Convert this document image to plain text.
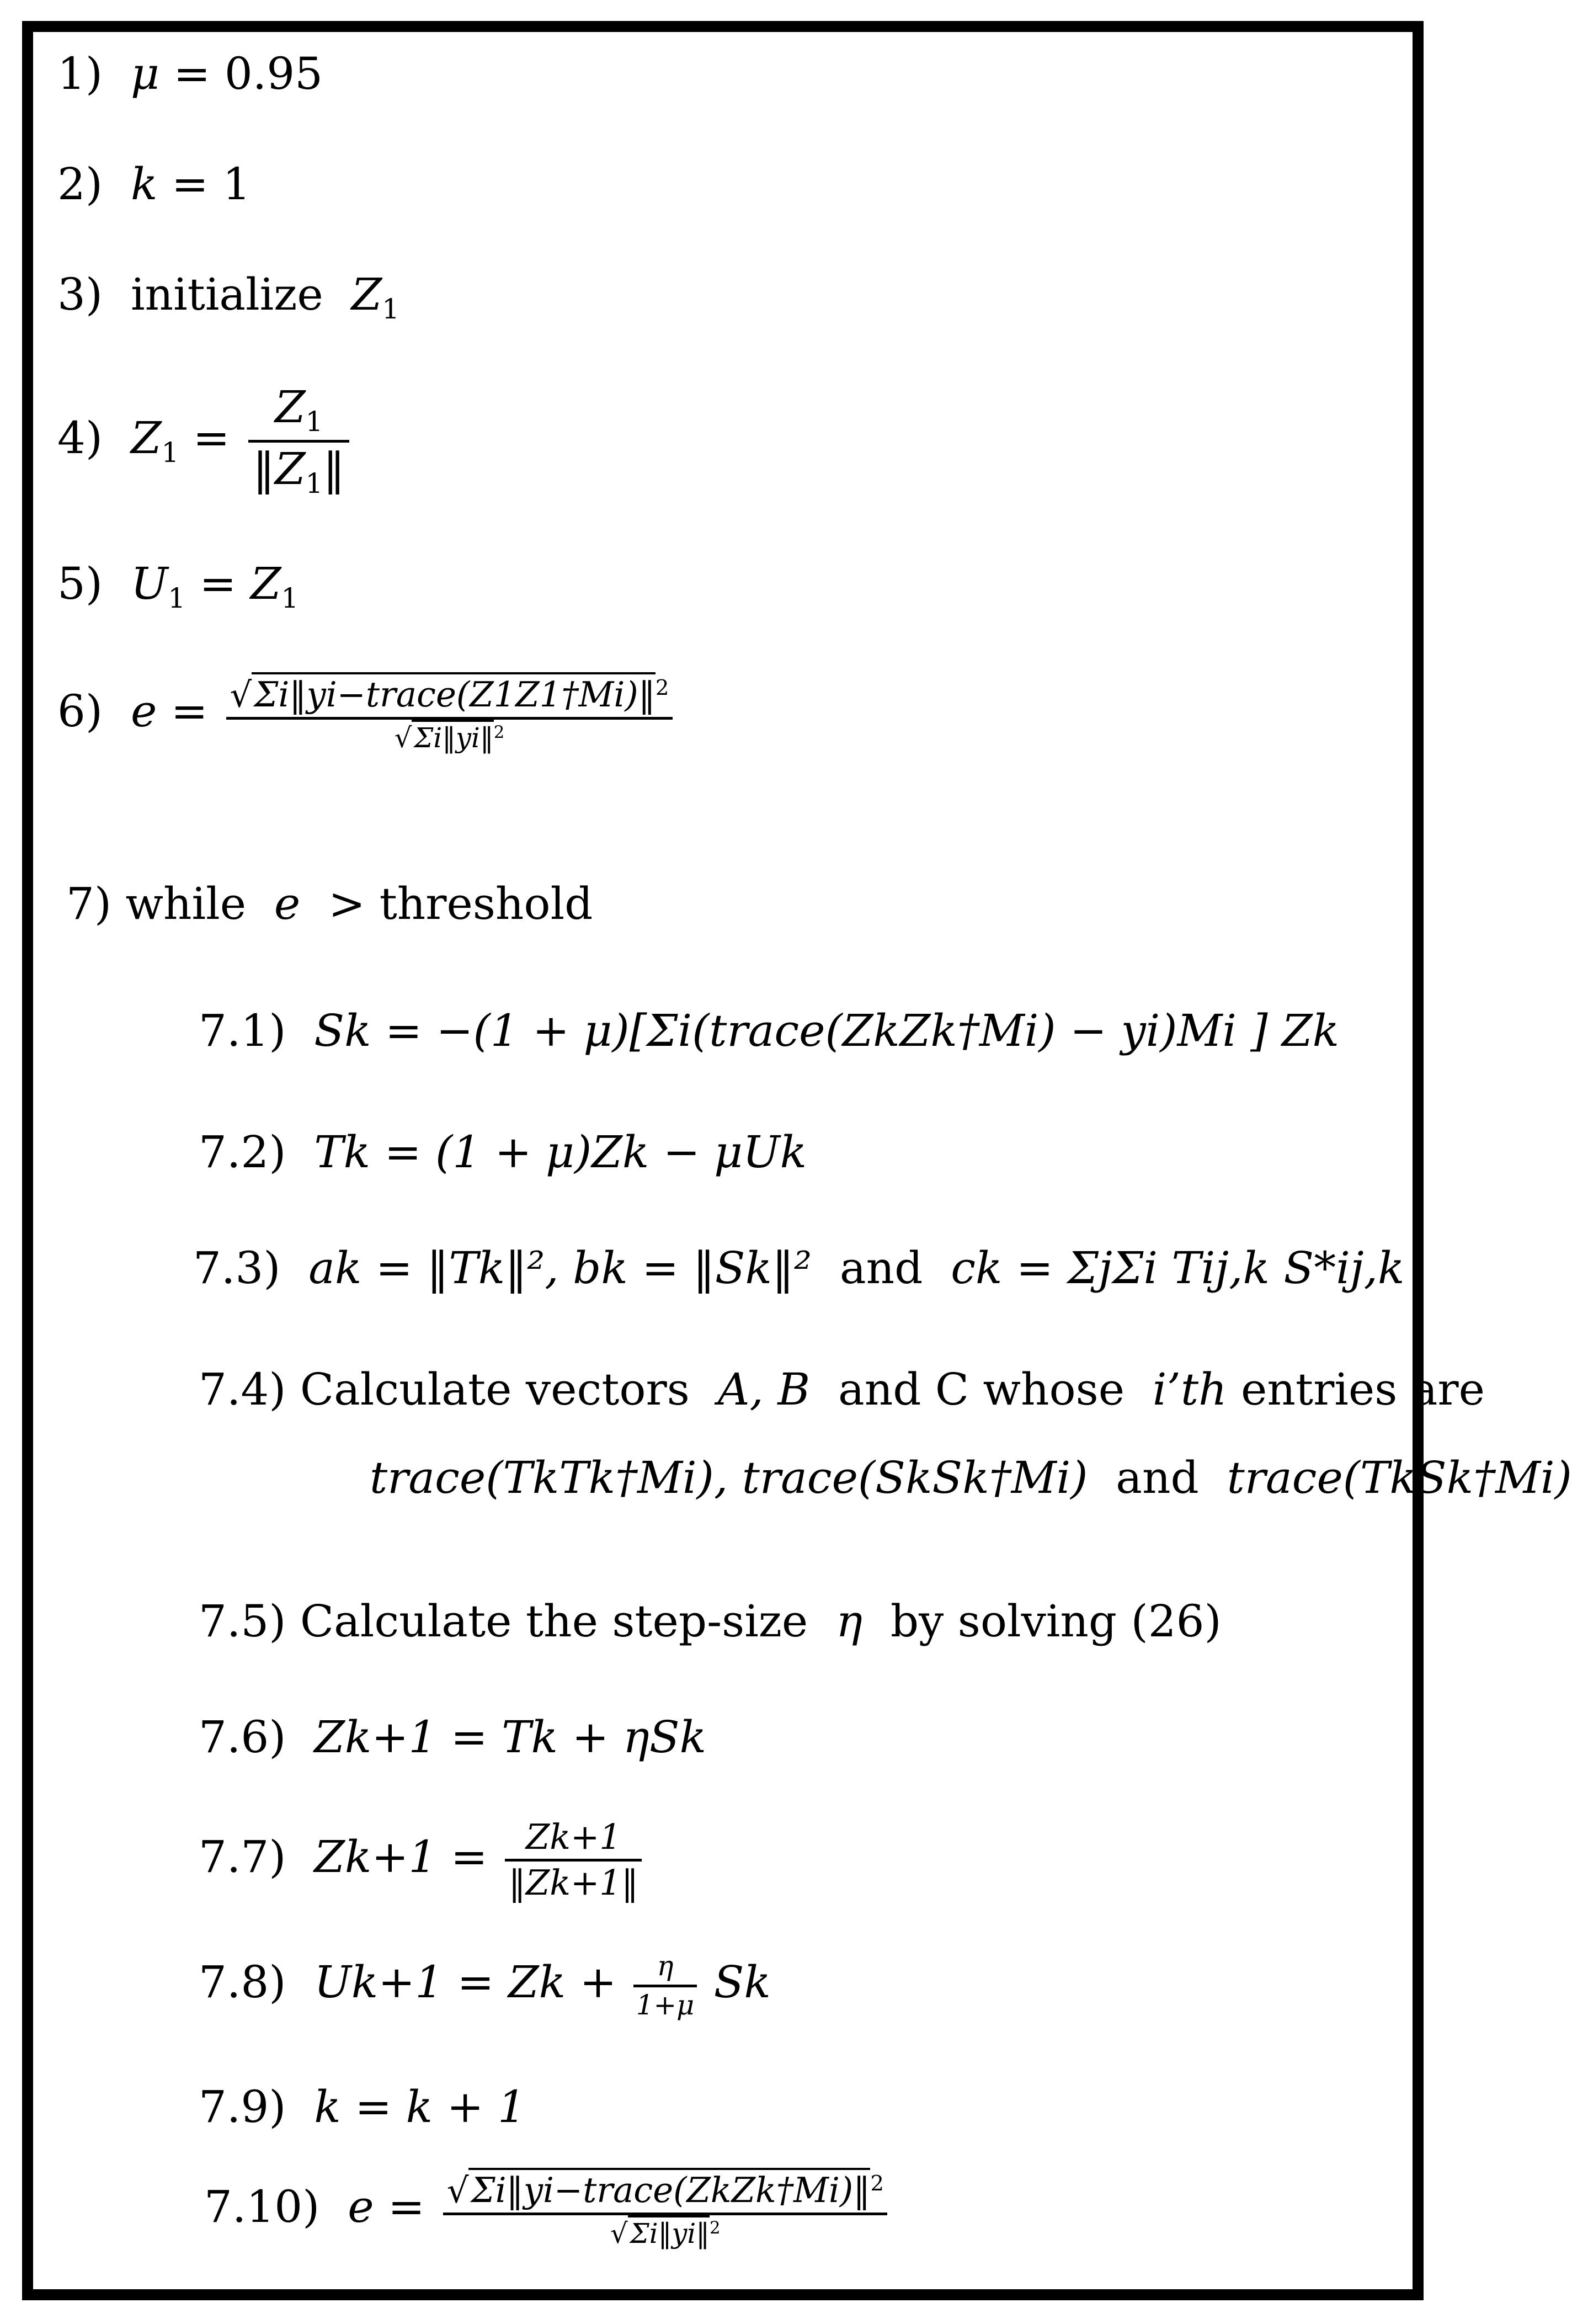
1) μ = 0.95
2) k = 1
3) initialize $Z_1$
4) $Z_1 = \frac{Z_1}{‖Z_1‖}$
5) $U_1 = Z_1$
6) $e = \frac{√\Sigma i‖yi-trace(Z1Z1\dagger Mi)‖^2}{√\Sigma i‖yi‖^2}$
7) while e > threshold
7.1) Sk = −(1 + μ)[Σi(trace(ZkZk†Mi) − yi)Mi ] Zk
7.2) Tk = (1 + μ)Zk − μUk
7.3) ak = ‖Tk‖², bk = ‖Sk‖² and ck = ΣjΣi Tij,k S*ij,k
7.4) Calculate vectors A, B and C whose i’th entries are
trace(TkTk†Mi), trace(SkSk†Mi) and trace(TkSk†Mi)
7.5) Calculate the step-size η by solving (26)
7.6) Zk+1 = Tk + ηSk
7.7) $Zk+1 = \frac{Zk+1}{‖Zk+1‖}$
7.8) $Uk+1 = Zk + \frac{\eta}{1+\mu}$ Sk
7.9) k = k + 1
7.10) $e = \frac{√\Sigma i‖yi-trace(ZkZk\dagger Mi)‖^2}{√\Sigma i‖yi‖^2}$
